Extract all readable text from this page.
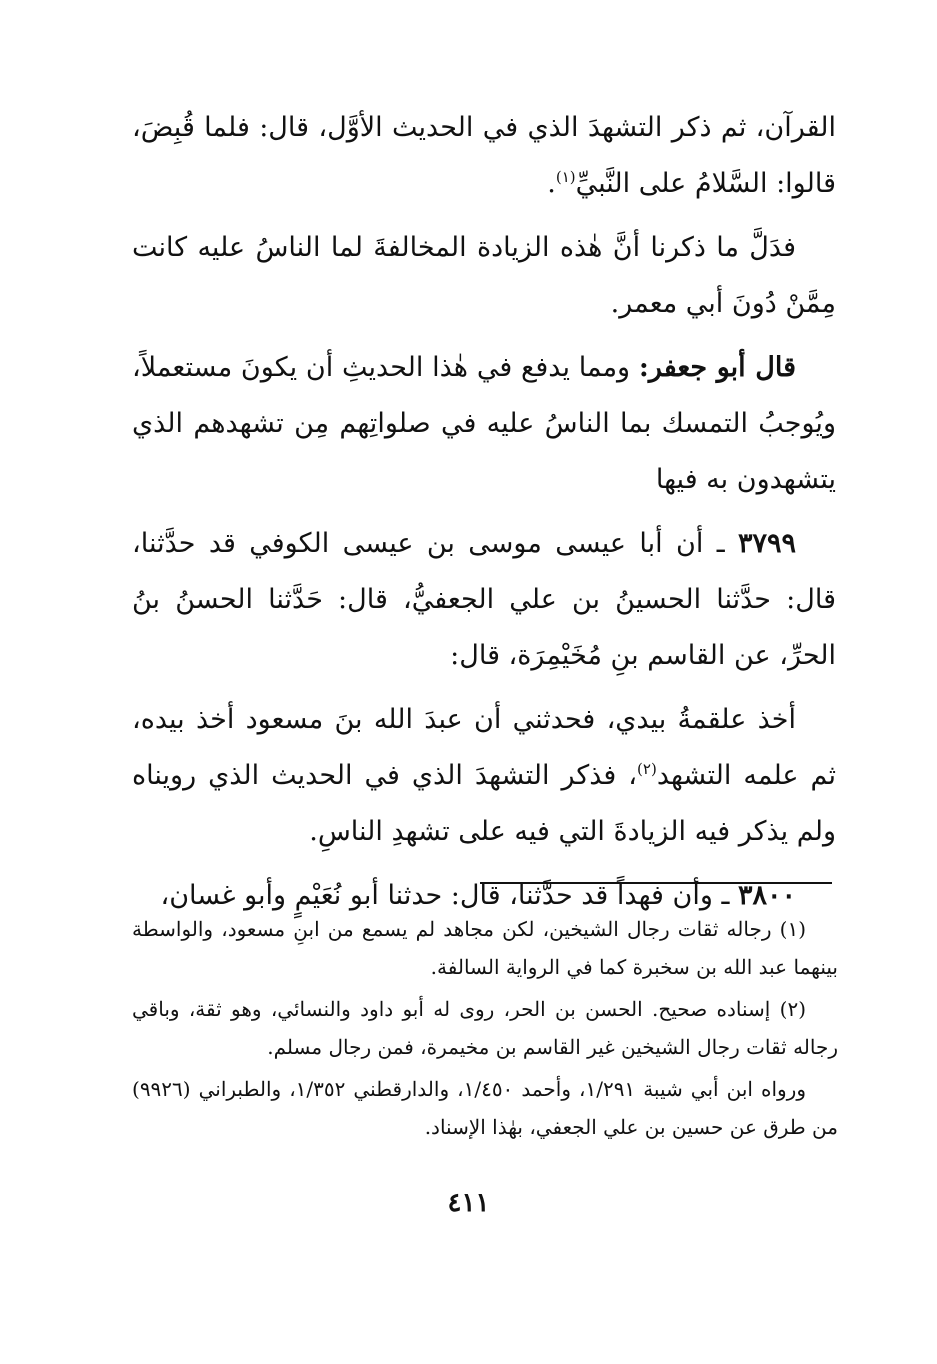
القرآن، ثم ذكر التشهدَ الذي في الحديث الأوَّل، قال: فلما قُبِضَ، قالوا: السَّلامُ على النَّبيِّ$^{(١)}$.

فدَلَّ ما ذكرنا أنَّ هٰذه الزيادة المخالفةَ لما الناسُ عليه كانت مِمَّنْ دُونَ أبي معمر.

قال أبو جعفر: ومما يدفع في هٰذا الحديثِ أن يكونَ مستعملاً، ويُوجبُ التمسك بما الناسُ عليه في صلواتِهم مِن تشهدهم الذي يتشهدون به فيها

٣٧٩٩ ـ أن أبا عيسى موسى بن عيسى الكوفي قد حدَّثنا، قال: حدَّثنا الحسينُ بن علي الجعفيُّ، قال: حَدَّثنا الحسنُ بنُ الحرِّ، عن القاسم بنِ مُخَيْمِرَة، قال:

أخذ علقمةُ بيدي، فحدثني أن عبدَ الله بنَ مسعود أخذ بيده، ثم علمه التشهد$^{(٢)}$، فذكر التشهدَ الذي في الحديث الذي رويناه ولم يذكر فيه الزيادةَ التي فيه على تشهدِ الناسِ.

٣٨٠٠ ـ وأن فهداً قد حدَّثنا، قال: حدثنا أبو نُعَيْمٍ وأبو غسان،

(١) رجاله ثقات رجال الشيخين، لكن مجاهد لم يسمع من ابنِ مسعود، والواسطة بينهما عبد الله بن سخبرة كما في الرواية السالفة.

(٢) إسناده صحيح. الحسن بن الحر، روى له أبو داود والنسائي، وهو ثقة، وباقي رجاله ثقات رجال الشيخين غير القاسم بن مخيمرة، فمن رجال مسلم.

ورواه ابن أبي شيبة ١/٢٩١، وأحمد ١/٤٥٠، والدارقطني ١/٣٥٢، والطبراني (٩٩٢٦) من طرق عن حسين بن علي الجعفي، بهٰذا الإسناد.

٤١١
